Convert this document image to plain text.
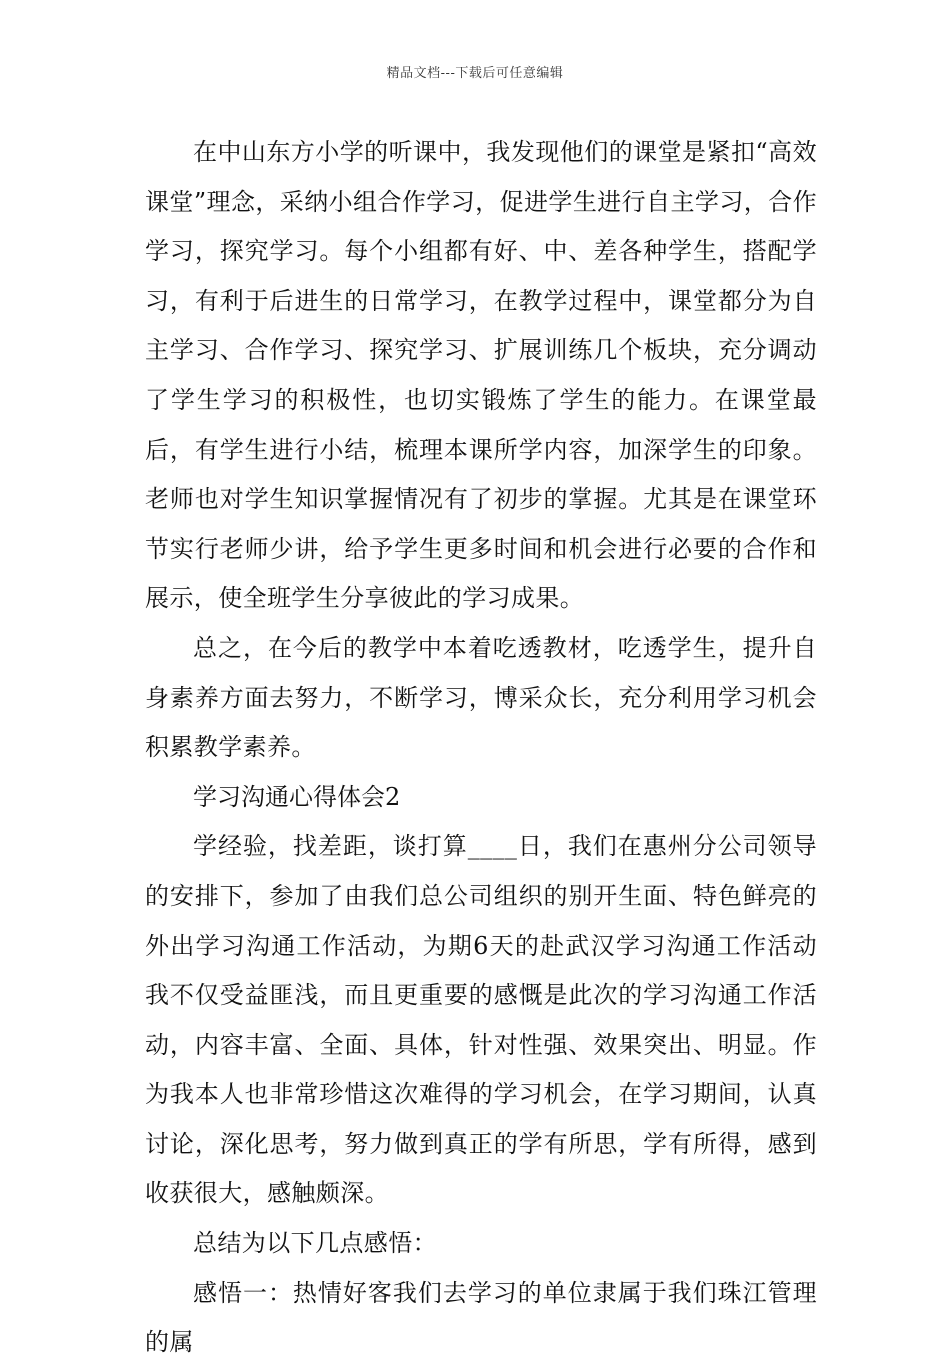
精品文档---下载后可任意编辑

在中山东方小学的听课中，我发现他们的课堂是紧扣“高效课堂”理念，采纳小组合作学习，促进学生进行自主学习，合作学习，探究学习。每个小组都有好、中、差各种学生，搭配学习，有利于后进生的日常学习，在教学过程中，课堂都分为自主学习、合作学习、探究学习、扩展训练几个板块，充分调动了学生学习的积极性，也切实锻炼了学生的能力。在课堂最后，有学生进行小结，梳理本课所学内容，加深学生的印象。老师也对学生知识掌握情况有了初步的掌握。尤其是在课堂环节实行老师少讲，给予学生更多时间和机会进行必要的合作和展示，使全班学生分享彼此的学习成果。

总之，在今后的教学中本着吃透教材，吃透学生，提升自身素养方面去努力，不断学习，博采众长，充分利用学习机会积累教学素养。

学习沟通心得体会2

学经验，找差距，谈打算____日，我们在惠州分公司领导的安排下，参加了由我们总公司组织的别开生面、特色鲜亮的外出学习沟通工作活动，为期6天的赴武汉学习沟通工作活动我不仅受益匪浅，而且更重要的感慨是此次的学习沟通工作活动，内容丰富、全面、具体，针对性强、效果突出、明显。作为我本人也非常珍惜这次难得的学习机会，在学习期间，认真讨论，深化思考，努力做到真正的学有所思，学有所得，感到收获很大，感触颇深。

总结为以下几点感悟：

感悟一：热情好客我们去学习的单位隶属于我们珠江管理的属
